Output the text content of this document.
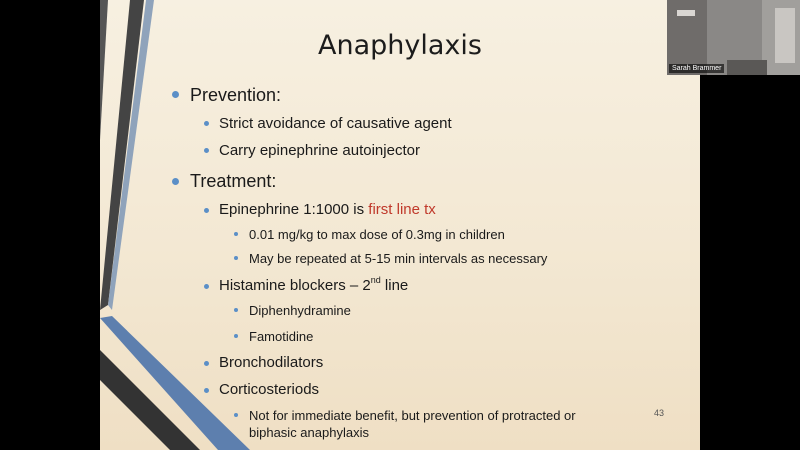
Anaphylaxis
Prevention:
Strict avoidance of causative agent
Carry epinephrine autoinjector
Treatment:
Epinephrine 1:1000 is first line tx
0.01 mg/kg to max dose of 0.3mg in children
May be repeated at 5-15 min intervals as necessary
Histamine blockers – 2nd line
Diphenhydramine
Famotidine
Bronchodilators
Corticosteriods
Not for immediate benefit, but prevention of protracted or
biphasic anaphylaxis
43
Sarah Brammer
